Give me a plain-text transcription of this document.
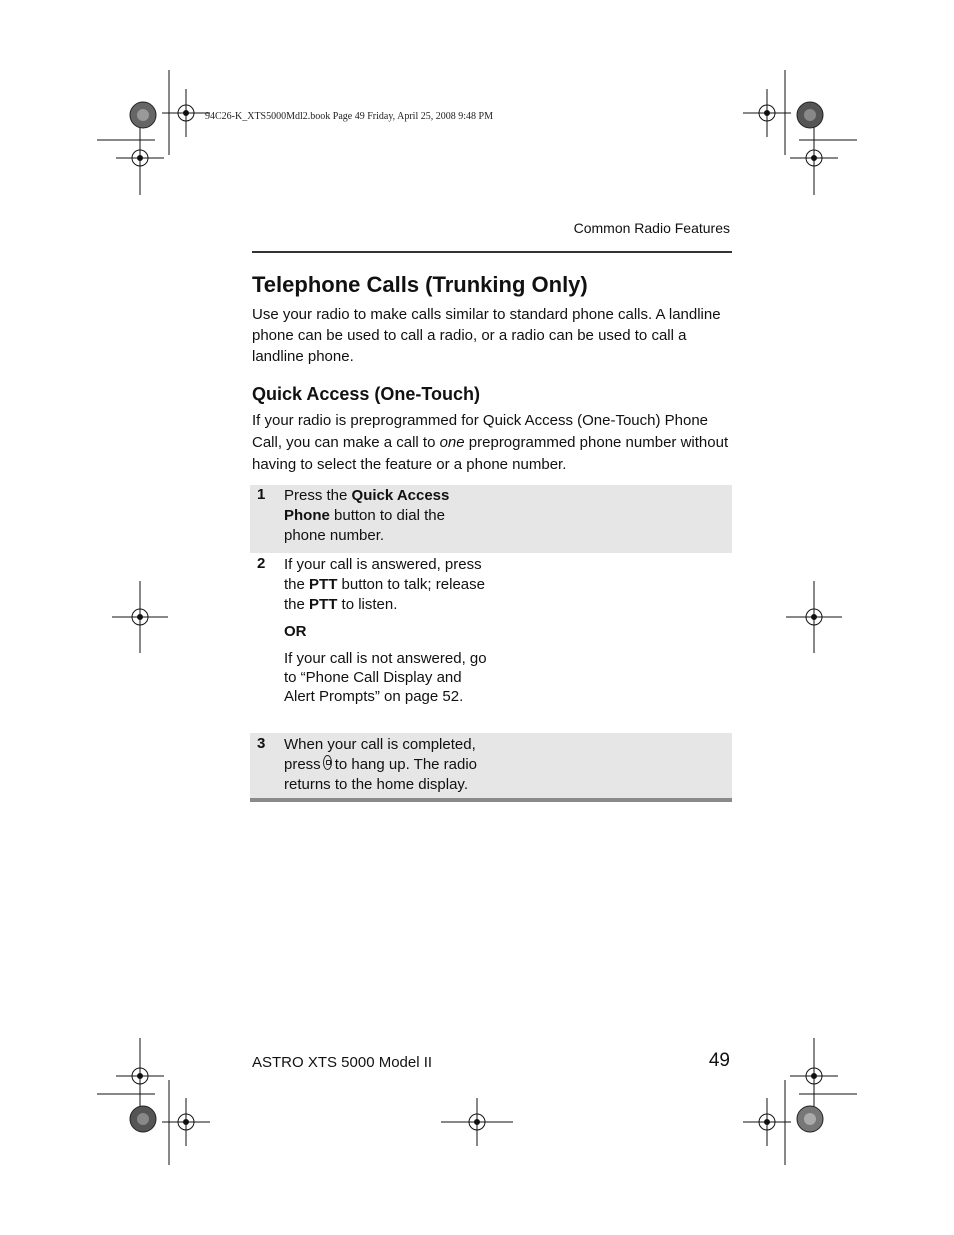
94C26-K_XTS5000Mdl2.book Page 49 Friday, April 25, 2008 9:48 PM
Common Radio Features
Telephone Calls (Trunking Only)
Use your radio to make calls similar to standard phone calls. A landline phone can be used to call a radio, or a radio can be used to call a landline phone.
Quick Access (One-Touch)
If your radio is preprogrammed for Quick Access (One-Touch) Phone Call, you can make a call to one preprogrammed phone number without having to select the feature or a phone number.
1	Press the Quick Access Phone button to dial the phone number.
2	If your call is answered, press the PTT button to talk; release the PTT to listen.

OR

If your call is not answered, go to “Phone Call Display and Alert Prompts” on page 52.

3	When your call is completed, press to hang up. The radio returns to the home display.
ASTRO XTS 5000 Model II	49
